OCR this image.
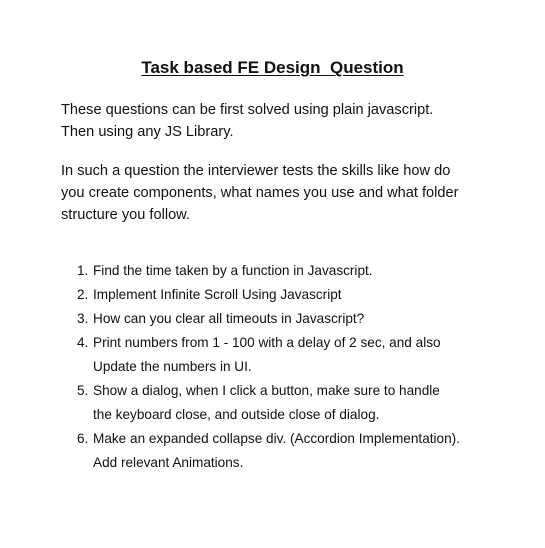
Task based FE Design  Question

These questions can be first solved using plain javascript.
Then using any JS Library.

In such a question the interviewer tests the skills like how do
you create components, what names you use and what folder
structure you follow.

1. Find the time taken by a function in Javascript.
2. Implement Infinite Scroll Using Javascript
3. How can you clear all timeouts in Javascript?
4. Print numbers from 1 - 100 with a delay of 2 sec, and also
Update the numbers in UI.
5. Show a dialog, when I click a button, make sure to handle
the keyboard close, and outside close of dialog.
6. Make an expanded collapse div. (Accordion Implementation).
Add relevant Animations.
